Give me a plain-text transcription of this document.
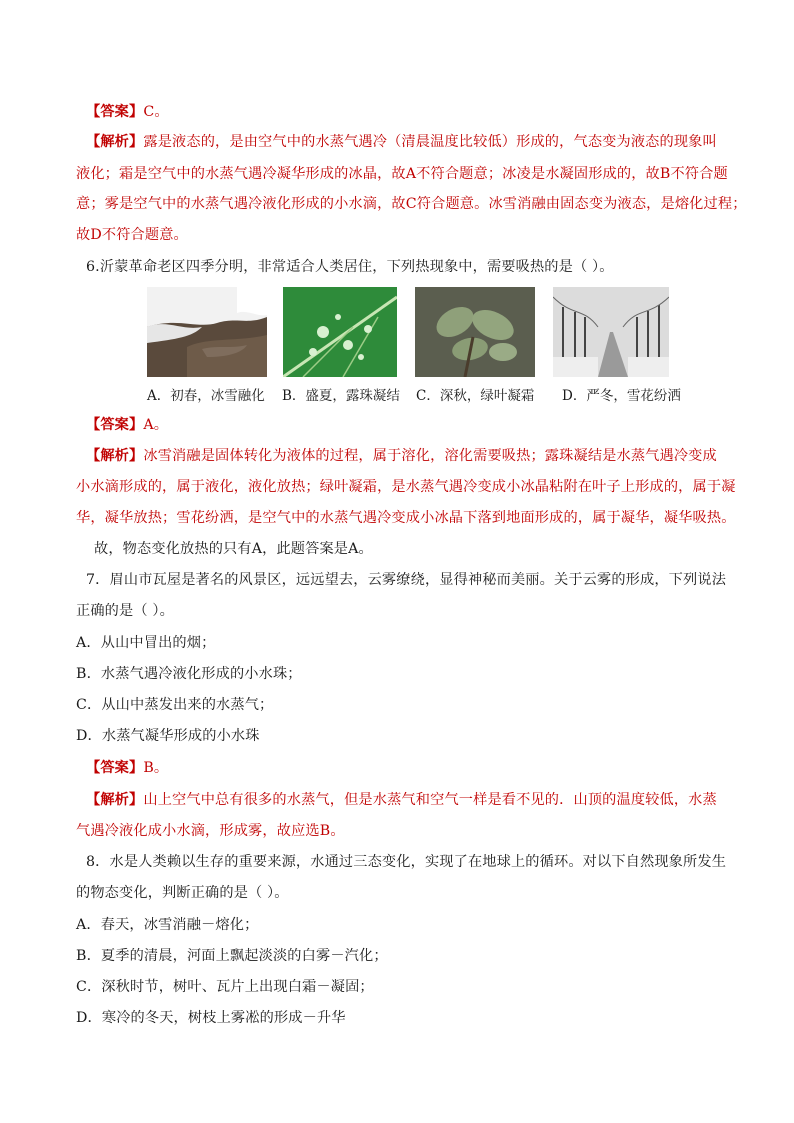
【答案】C。
【解析】露是液态的，是由空气中的水蒸气遇冷（清晨温度比较低）形成的，气态变为液态的现象叫
液化；霜是空气中的水蒸气遇冷凝华形成的冰晶，故A不符合题意；冰凌是水凝固形成的，故B不符合题
意；雾是空气中的水蒸气遇冷液化形成的小水滴，故C符合题意。冰雪消融由固态变为液态，是熔化过程；
故D不符合题意。
6.沂蒙革命老区四季分明，非常适合人类居住，下列热现象中，需要吸热的是（ ）。
A．初春，冰雪融化 B．盛夏，露珠凝结 C．深秋，绿叶凝霜 D．严冬，雪花纷洒
【答案】A。
【解析】冰雪消融是固体转化为液体的过程，属于溶化，溶化需要吸热；露珠凝结是水蒸气遇冷变成
小水滴形成的，属于液化，液化放热；绿叶凝霜，是水蒸气遇冷变成小冰晶粘附在叶子上形成的，属于凝
华，凝华放热；雪花纷洒，是空气中的水蒸气遇冷变成小冰晶下落到地面形成的，属于凝华，凝华吸热。
故，物态变化放热的只有A，此题答案是A。
7．眉山市瓦屋是著名的风景区，远远望去，云雾缭绕，显得神秘而美丽。关于云雾的形成，下列说法
正确的是（ ）。
A．从山中冒出的烟；
B．水蒸气遇冷液化形成的小水珠；
C．从山中蒸发出来的水蒸气；
D．水蒸气凝华形成的小水珠
【答案】B。
【解析】山上空气中总有很多的水蒸气，但是水蒸气和空气一样是看不见的．山顶的温度较低，水蒸
气遇冷液化成小水滴，形成雾，故应选B。
8．水是人类赖以生存的重要来源，水通过三态变化，实现了在地球上的循环。对以下自然现象所发生
的物态变化，判断正确的是（ ）。
A．春天，冰雪消融－熔化；
B．夏季的清晨，河面上飘起淡淡的白雾－汽化；
C．深秋时节，树叶、瓦片上出现白霜－凝固；
D．寒冷的冬天，树枝上雾凇的形成－升华
